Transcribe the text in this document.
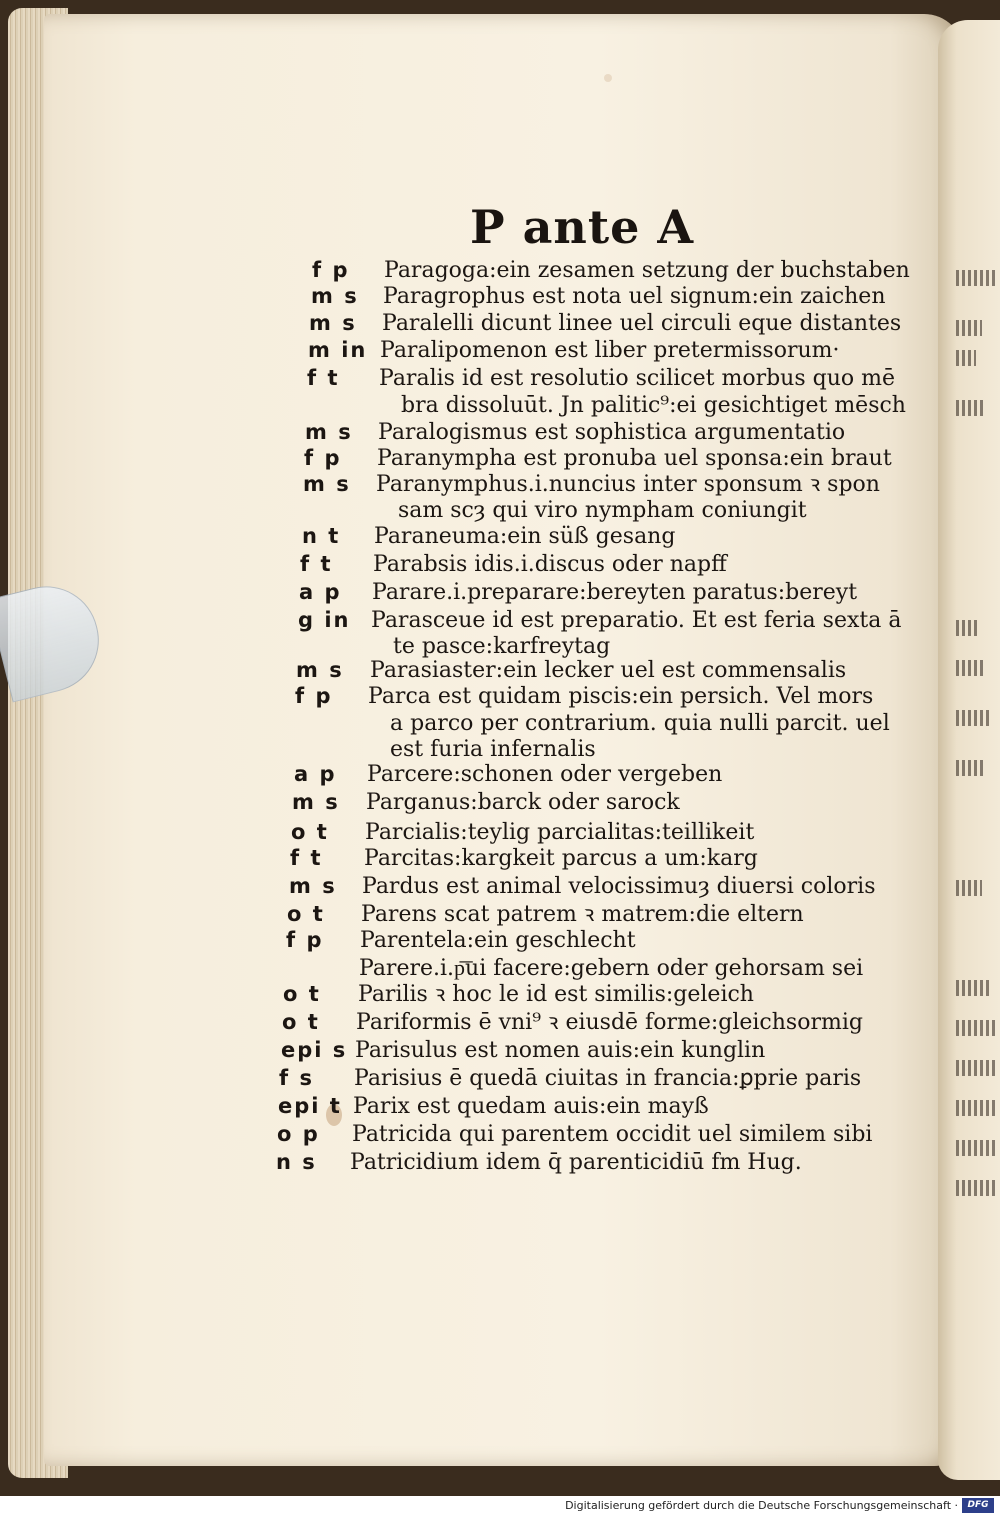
P ante A
f p Paragoga:ein zesamen setzung der buchstaben
m s Paragrophus est nota uel signum:ein zaichen
m s Paralelli dicunt linee uel circuli eque distantes
m in Paralipomenon est liber pretermissorum·
f t Paralis id est resolutio scilicet morbus quo mē
bra dissoluūt. Jn palitic⁹:ei gesichtiget mēsch
m s Paralogismus est sophistica argumentatio
f p Paranympha est pronuba uel sponsa:ein braut
m s Paranymphus.i.nuncius inter sponsum ꝛ spon
sam scȝ qui viro nympham coniungit
n t Paraneuma:ein süß gesang
f t Parabsis idis.i.discus oder napff
a p Parare.i.preparare:bereyten paratus:bereyt
g in Parasceue id est preparatio. Et est feria sexta ā
te pasce:karfreytag
m s Parasiaster:ein lecker uel est commensalis
f p Parca est quidam piscis:ein persich. Vel mors
a parco per contrarium. quia nulli parcit. uel
est furia infernalis
a p Parcere:schonen oder vergeben
m s Parganus:barck oder sarock
o t Parcialis:teylig parcialitas:teillikeit
f t Parcitas:kargkeit parcus a um:karg
m s Pardus est animal velocissimuȝ diuersi coloris
o t Parens scat patrem ꝛ matrem:die eltern
f p Parentela:ein geschlecht
Parere.i.p͞ui facere:gebern oder gehorsam sei
o t Parilis ꝛ hoc le id est similis:geleich
o t Pariformis ē vni⁹ ꝛ eiusdē forme:gleichsormig
epi s Parisulus est nomen auis:ein kunglin
f s Parisius ē quedā ciuitas in francia:ꝑprie paris
epi t Parix est quedam auis:ein mayß
o p Patricida qui parentem occidit uel similem sibi
n s Patricidium idem q̄ parenticidiū fm Hug.
Digitalisierung gefördert durch die Deutsche Forschungsgemeinschaft ·	DFG
